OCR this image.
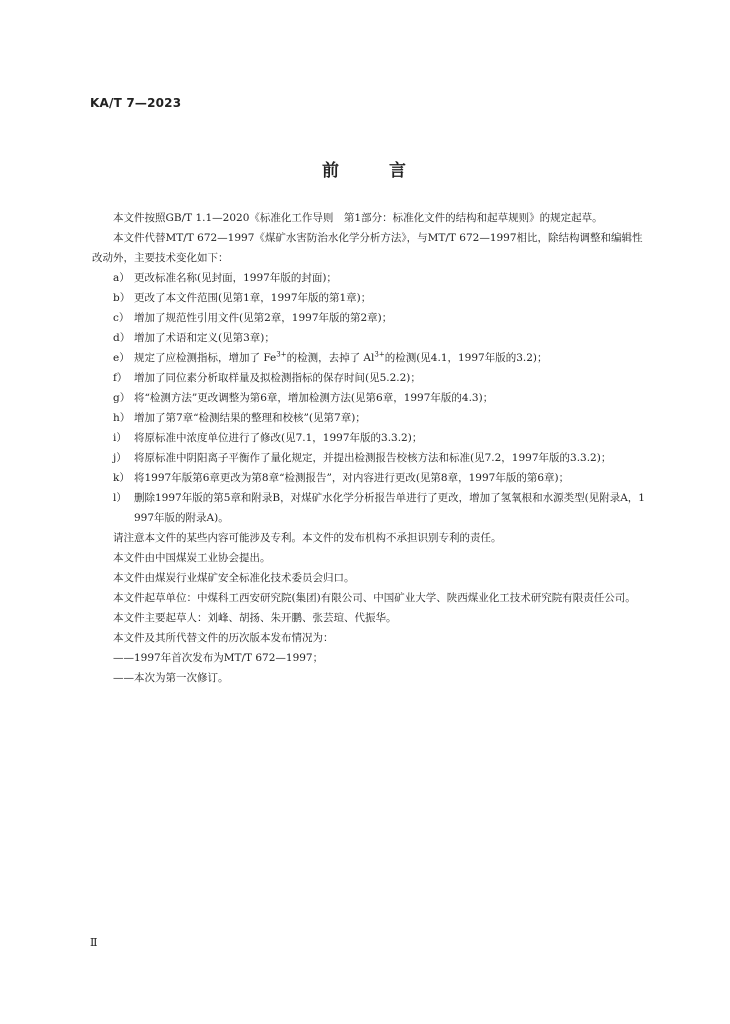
KA/T 7—2023
前	言

本文件按照GB/T 1.1—2020《标准化工作导则　第1部分：标准化文件的结构和起草规则》的规定起草。

本文件代替MT/T 672—1997《煤矿水害防治水化学分析方法》，与MT/T 672—1997相比，除结构调整和编辑性改动外，主要技术变化如下：

a） 更改标准名称(见封面，1997年版的封面)；
b） 更改了本文件范围(见第1章，1997年版的第1章)；
c） 增加了规范性引用文件(见第2章，1997年版的第2章)；
d） 增加了术语和定义(见第3章)；
e） 规定了应检测指标，增加了 $Fe^{3+}$的检测，去掉了 $Al^{3+}$的检测(见4.1，1997年版的3.2)；
f） 增加了同位素分析取样量及拟检测指标的保存时间(见5.2.2)；
g） 将“检测方法”更改调整为第6章，增加检测方法(见第6章，1997年版的4.3)；
h） 增加了第7章“检测结果的整理和校核”(见第7章)；
i） 将原标准中浓度单位进行了修改(见7.1，1997年版的3.3.2)；
j） 将原标准中阴阳离子平衡作了量化规定，并提出检测报告校核方法和标准(见7.2，1997年版的3.3.2)；
k） 将1997年版第6章更改为第8章“检测报告”，对内容进行更改(见第8章，1997年版的第6章)；
l） 删除1997年版的第5章和附录B，对煤矿水化学分析报告单进行了更改，增加了氢氧根和水源类型(见附录A，1997年版的附录A)。

请注意本文件的某些内容可能涉及专利。本文件的发布机构不承担识别专利的责任。

本文件由中国煤炭工业协会提出。

本文件由煤炭行业煤矿安全标准化技术委员会归口。

本文件起草单位：中煤科工西安研究院(集团)有限公司、中国矿业大学、陕西煤业化工技术研究院有限责任公司。

本文件主要起草人：刘峰、胡扬、朱开鹏、张芸瑄、代振华。

本文件及其所代替文件的历次版本发布情况为：

——1997年首次发布为MT/T 672—1997；

——本次为第一次修订。

Ⅱ
